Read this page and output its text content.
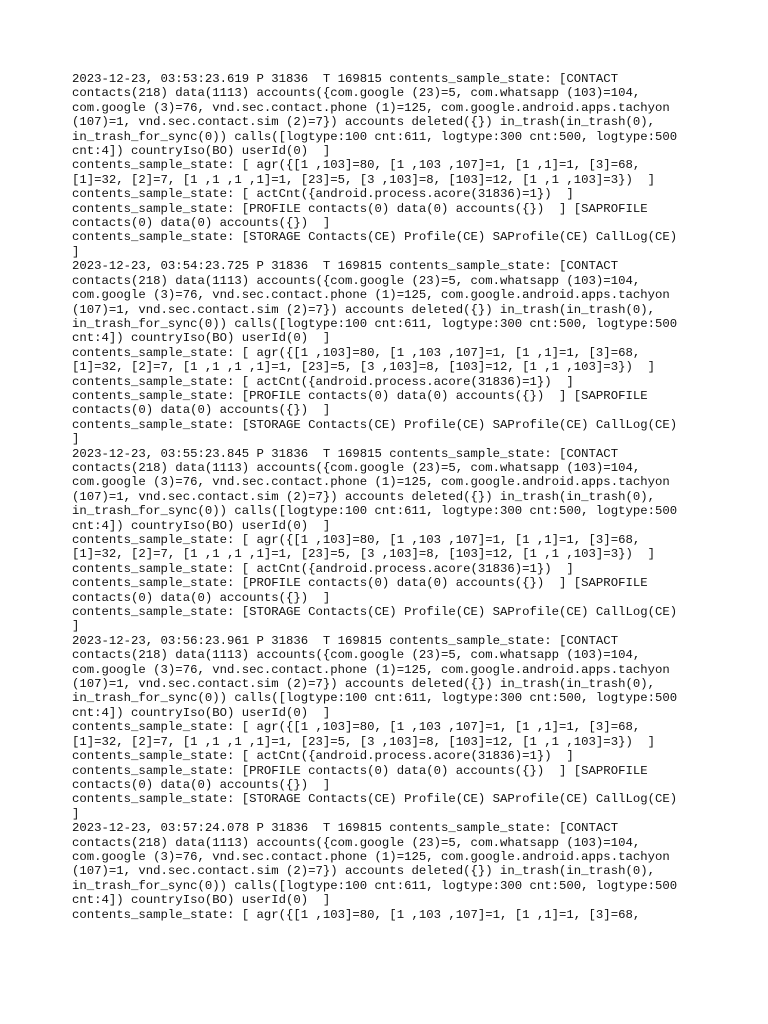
2023-12-23, 03:53:23.619 P 31836  T 169815 contents_sample_state: [CONTACT
contacts(218) data(1113) accounts({com.google (23)=5, com.whatsapp (103)=104,
com.google (3)=76, vnd.sec.contact.phone (1)=125, com.google.android.apps.tachyon
(107)=1, vnd.sec.contact.sim (2)=7}) accounts deleted({}) in_trash(in_trash(0),
in_trash_for_sync(0)) calls([logtype:100 cnt:611, logtype:300 cnt:500, logtype:500
cnt:4]) countryIso(BO) userId(0)  ]
contents_sample_state: [ agr({[1 ,103]=80, [1 ,103 ,107]=1, [1 ,1]=1, [3]=68,
[1]=32, [2]=7, [1 ,1 ,1 ,1]=1, [23]=5, [3 ,103]=8, [103]=12, [1 ,1 ,103]=3})  ]
contents_sample_state: [ actCnt({android.process.acore(31836)=1})  ]
contents_sample_state: [PROFILE contacts(0) data(0) accounts({})  ] [SAPROFILE
contacts(0) data(0) accounts({})  ]
contents_sample_state: [STORAGE Contacts(CE) Profile(CE) SAProfile(CE) CallLog(CE)
]
2023-12-23, 03:54:23.725 P 31836  T 169815 contents_sample_state: [CONTACT
contacts(218) data(1113) accounts({com.google (23)=5, com.whatsapp (103)=104,
com.google (3)=76, vnd.sec.contact.phone (1)=125, com.google.android.apps.tachyon
(107)=1, vnd.sec.contact.sim (2)=7}) accounts deleted({}) in_trash(in_trash(0),
in_trash_for_sync(0)) calls([logtype:100 cnt:611, logtype:300 cnt:500, logtype:500
cnt:4]) countryIso(BO) userId(0)  ]
contents_sample_state: [ agr({[1 ,103]=80, [1 ,103 ,107]=1, [1 ,1]=1, [3]=68,
[1]=32, [2]=7, [1 ,1 ,1 ,1]=1, [23]=5, [3 ,103]=8, [103]=12, [1 ,1 ,103]=3})  ]
contents_sample_state: [ actCnt({android.process.acore(31836)=1})  ]
contents_sample_state: [PROFILE contacts(0) data(0) accounts({})  ] [SAPROFILE
contacts(0) data(0) accounts({})  ]
contents_sample_state: [STORAGE Contacts(CE) Profile(CE) SAProfile(CE) CallLog(CE)
]
2023-12-23, 03:55:23.845 P 31836  T 169815 contents_sample_state: [CONTACT
contacts(218) data(1113) accounts({com.google (23)=5, com.whatsapp (103)=104,
com.google (3)=76, vnd.sec.contact.phone (1)=125, com.google.android.apps.tachyon
(107)=1, vnd.sec.contact.sim (2)=7}) accounts deleted({}) in_trash(in_trash(0),
in_trash_for_sync(0)) calls([logtype:100 cnt:611, logtype:300 cnt:500, logtype:500
cnt:4]) countryIso(BO) userId(0)  ]
contents_sample_state: [ agr({[1 ,103]=80, [1 ,103 ,107]=1, [1 ,1]=1, [3]=68,
[1]=32, [2]=7, [1 ,1 ,1 ,1]=1, [23]=5, [3 ,103]=8, [103]=12, [1 ,1 ,103]=3})  ]
contents_sample_state: [ actCnt({android.process.acore(31836)=1})  ]
contents_sample_state: [PROFILE contacts(0) data(0) accounts({})  ] [SAPROFILE
contacts(0) data(0) accounts({})  ]
contents_sample_state: [STORAGE Contacts(CE) Profile(CE) SAProfile(CE) CallLog(CE)
]
2023-12-23, 03:56:23.961 P 31836  T 169815 contents_sample_state: [CONTACT
contacts(218) data(1113) accounts({com.google (23)=5, com.whatsapp (103)=104,
com.google (3)=76, vnd.sec.contact.phone (1)=125, com.google.android.apps.tachyon
(107)=1, vnd.sec.contact.sim (2)=7}) accounts deleted({}) in_trash(in_trash(0),
in_trash_for_sync(0)) calls([logtype:100 cnt:611, logtype:300 cnt:500, logtype:500
cnt:4]) countryIso(BO) userId(0)  ]
contents_sample_state: [ agr({[1 ,103]=80, [1 ,103 ,107]=1, [1 ,1]=1, [3]=68,
[1]=32, [2]=7, [1 ,1 ,1 ,1]=1, [23]=5, [3 ,103]=8, [103]=12, [1 ,1 ,103]=3})  ]
contents_sample_state: [ actCnt({android.process.acore(31836)=1})  ]
contents_sample_state: [PROFILE contacts(0) data(0) accounts({})  ] [SAPROFILE
contacts(0) data(0) accounts({})  ]
contents_sample_state: [STORAGE Contacts(CE) Profile(CE) SAProfile(CE) CallLog(CE)
]
2023-12-23, 03:57:24.078 P 31836  T 169815 contents_sample_state: [CONTACT
contacts(218) data(1113) accounts({com.google (23)=5, com.whatsapp (103)=104,
com.google (3)=76, vnd.sec.contact.phone (1)=125, com.google.android.apps.tachyon
(107)=1, vnd.sec.contact.sim (2)=7}) accounts deleted({}) in_trash(in_trash(0),
in_trash_for_sync(0)) calls([logtype:100 cnt:611, logtype:300 cnt:500, logtype:500
cnt:4]) countryIso(BO) userId(0)  ]
contents_sample_state: [ agr({[1 ,103]=80, [1 ,103 ,107]=1, [1 ,1]=1, [3]=68,
